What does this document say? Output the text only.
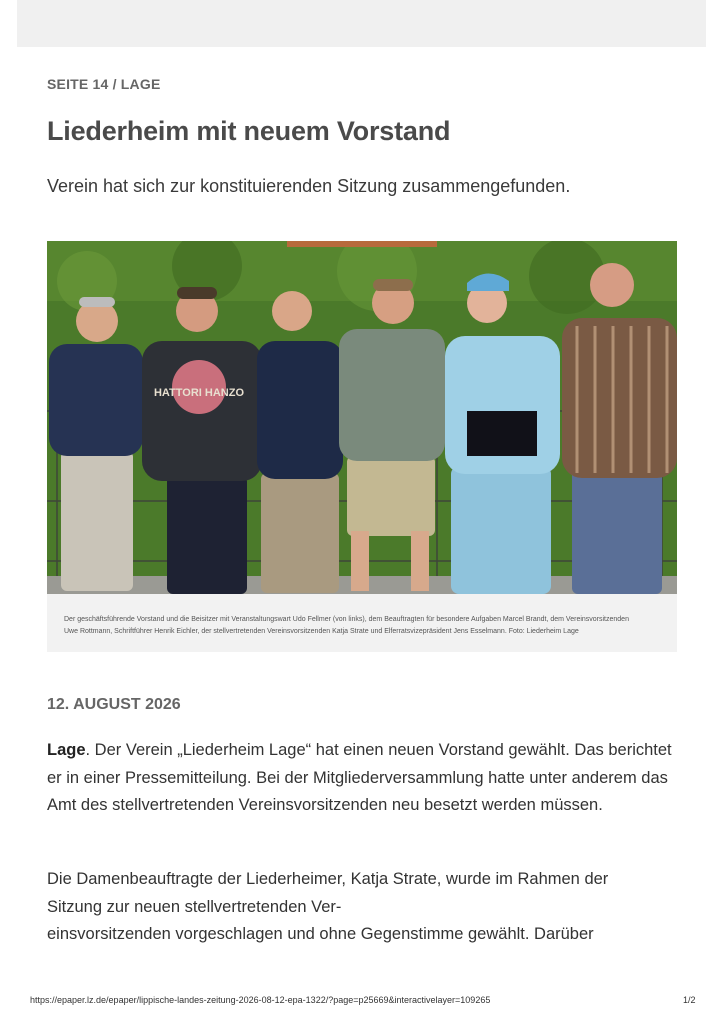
SEITE 14 / LAGE
Liederheim mit neuem Vorstand
Verein hat sich zur konstituierenden Sitzung zusammengefunden.
HATTORI HANZO

Der geschäftsführende Vorstand und die Beisitzer mit Veranstaltungswart Udo Fellmer (von links), dem Beauftragten für besondere Aufgaben Marcel Brandt, dem Vereinsvorsitzenden
Uwe Rottmann, Schriftführer Henrik Eichler, der stellvertretenden Vereinsvorsitzenden Katja Strate und Elferratsvizepräsident Jens Esselmann. Foto: Liederheim Lage

12. AUGUST 2026

Lage. Der Verein „Liederheim Lage“ hat einen neuen Vorstand gewählt. Das berichtet er in einer Pressemitteilung. Bei der Mitgliederversammlung hatte unter anderem das Amt des stellvertretenden Vereinsvorsitzenden neu besetzt werden müssen.

Die Damenbeauftragte der Liederheimer, Katja Strate, wurde im Rahmen der
Sitzung zur neuen stellvertretenden Ver-
einsvorsitzenden vorgeschlagen und ohne Gegenstimme gewählt. Darüber

https://epaper.lz.de/epaper/lippische-landes-zeitung-2026-08-12-epa-1322/?page=p25669&interactivelayer=109265	1/2
